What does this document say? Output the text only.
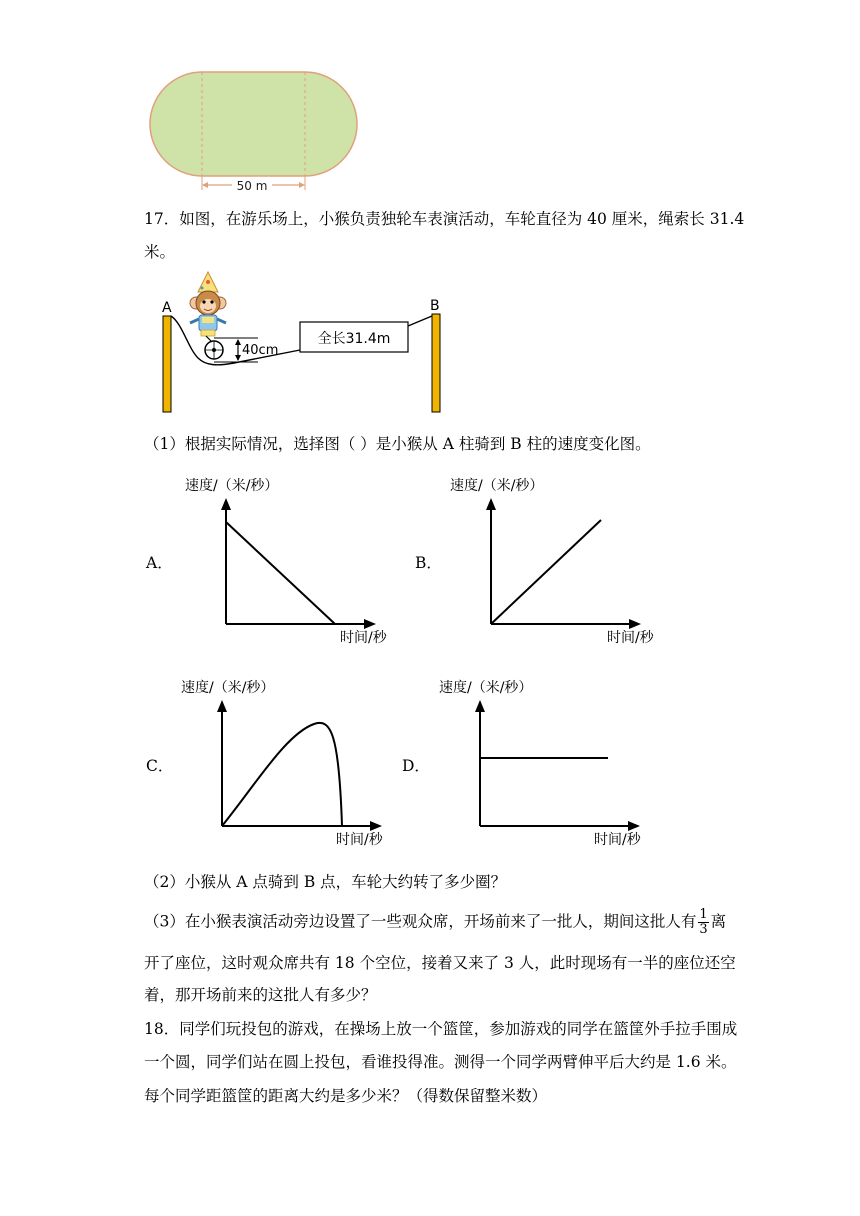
50 m
17．如图，在游乐场上，小猴负责独轮车表演活动，车轮直径为 40 厘米，绳索长 31.4
米。
A	B
全长31.4m
40cm
（1）根据实际情况，选择图（ ）是小猴从 A 柱骑到 B 柱的速度变化图。
A．
速度/（米/秒）
时间/秒
B．
速度/（米/秒）
时间/秒
C．
速度/（米/秒）
时间/秒
D．
速度/（米/秒）
时间/秒
（2）小猴从 A 点骑到 B 点，车轮大约转了多少圈？
（3）在小猴表演活动旁边设置了一些观众席，开场前来了一批人，期间这批人有 $\frac{1}{3}$ 离
开了座位，这时观众席共有 18 个空位，接着又来了 3 人，此时现场有一半的座位还空
着，那开场前来的这批人有多少？
18．同学们玩投包的游戏，在操场上放一个篮筐，参加游戏的同学在篮筐外手拉手围成
一个圆，同学们站在圆上投包，看谁投得准。测得一个同学两臂伸平后大约是 1.6 米。
每个同学距篮筐的距离大约是多少米？（得数保留整米数）
